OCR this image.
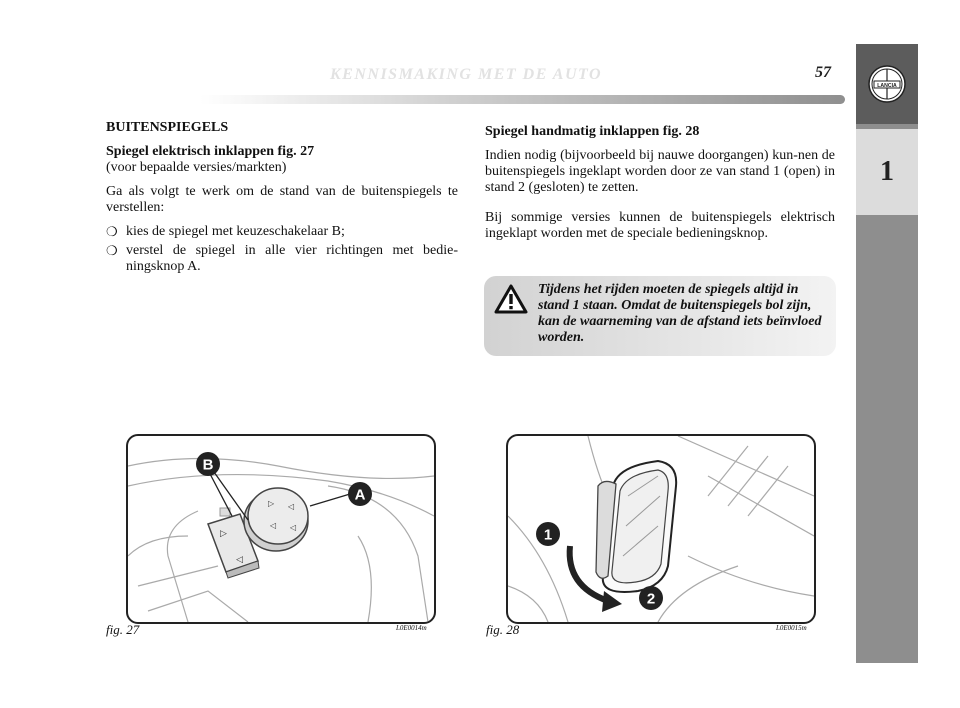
KENNISMAKING MET DE AUTO	57
LANCIA
1

BUITENSPIEGELS

Spiegel elektrisch inklappen fig. 27

(voor bepaalde versies/markten)

Ga als volgt te werk om de stand van de buitenspiegels te verstellen:

❍ kies de spiegel met keuzeschakelaar B;
❍ verstel de spiegel in alle vier richtingen met bedie-ningsknop A.

Spiegel handmatig inklappen fig. 28

Indien nodig (bijvoorbeeld bij nauwe doorgangen) kun-nen de buitenspiegels ingeklapt worden door ze van stand 1 (open) in stand 2 (gesloten) te zetten.

Bij sommige versies kunnen de buitenspiegels elektrisch ingeklapt worden met de speciale bedieningsknop.

Tijdens het rijden moeten de spiegels altijd in stand 1 staan. Omdat de buitenspiegels bol zijn, kan de waarneming van de afstand iets beïnvloed worden.
▷
◁
▷ ◁
◁ ◁
B
A
fig. 27	L0E0014m
1
2
fig. 28	L0E0015m
